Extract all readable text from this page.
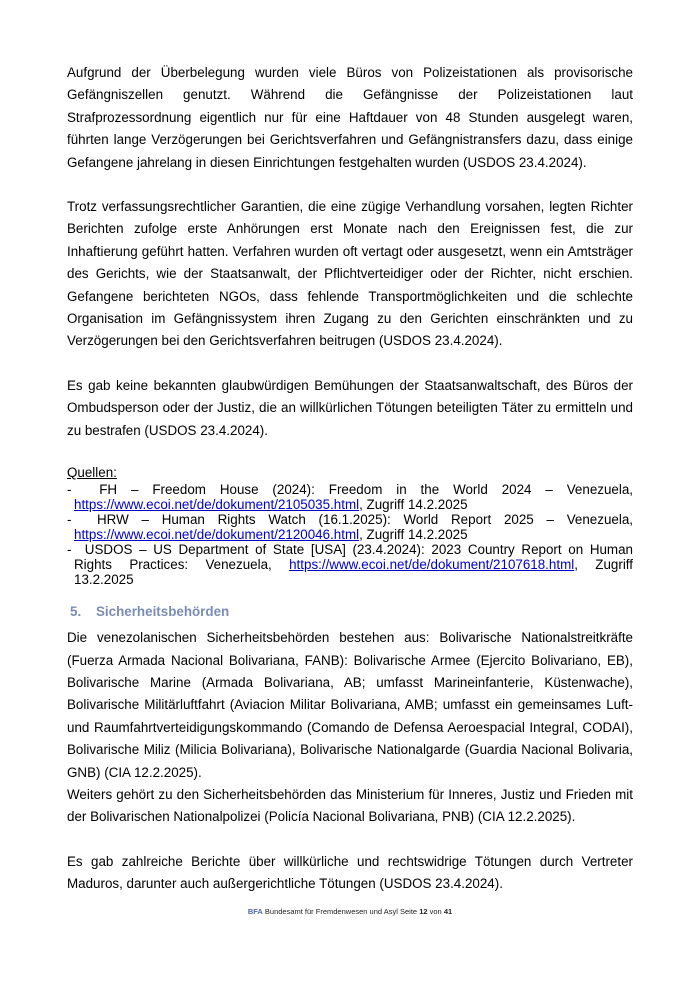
Aufgrund der Überbelegung wurden viele Büros von Polizeistationen als provisorische Gefängniszellen genutzt. Während die Gefängnisse der Polizeistationen laut Strafprozessordnung eigentlich nur für eine Haftdauer von 48 Stunden ausgelegt waren, führten lange Verzögerungen bei Gerichtsverfahren und Gefängnistransfers dazu, dass einige Gefangene jahrelang in diesen Einrichtungen festgehalten wurden (USDOS 23.4.2024).

Trotz verfassungsrechtlicher Garantien, die eine zügige Verhandlung vorsahen, legten Richter Berichten zufolge erste Anhörungen erst Monate nach den Ereignissen fest, die zur Inhaftierung geführt hatten. Verfahren wurden oft vertagt oder ausgesetzt, wenn ein Amtsträger des Gerichts, wie der Staatsanwalt, der Pflichtverteidiger oder der Richter, nicht erschien. Gefangene berichteten NGOs, dass fehlende Transportmöglichkeiten und die schlechte Organisation im Gefängnissystem ihren Zugang zu den Gerichten einschränkten und zu Verzögerungen bei den Gerichtsverfahren beitrugen (USDOS 23.4.2024).

Es gab keine bekannten glaubwürdigen Bemühungen der Staatsanwaltschaft, des Büros der Ombudsperson oder der Justiz, die an willkürlichen Tötungen beteiligten Täter zu ermitteln und zu bestrafen (USDOS 23.4.2024).

Quellen:

-  FH – Freedom House (2024): Freedom in the World 2024 – Venezuela, https://www.ecoi.net/de/dokument/2105035.html, Zugriff 14.2.2025

-  HRW – Human Rights Watch (16.1.2025): World Report 2025 – Venezuela, https://www.ecoi.net/de/dokument/2120046.html, Zugriff 14.2.2025

-  USDOS – US Department of State [USA] (23.4.2024): 2023 Country Report on Human Rights Practices: Venezuela, https://www.ecoi.net/de/dokument/2107618.html, Zugriff 13.2.2025

5. Sicherheitsbehörden

Die venezolanischen Sicherheitsbehörden bestehen aus: Bolivarische Nationalstreitkräfte (Fuerza Armada Nacional Bolivariana, FANB): Bolivarische Armee (Ejercito Bolivariano, EB), Bolivarische Marine (Armada Bolivariana, AB; umfasst Marineinfanterie, Küstenwache), Bolivarische Militärluftfahrt (Aviacion Militar Bolivariana, AMB; umfasst ein gemeinsames Luft- und Raumfahrtverteidigungskommando (Comando de Defensa Aeroespacial Integral, CODAI), Bolivarische Miliz (Milicia Bolivariana), Bolivarische Nationalgarde (Guardia Nacional Bolivaria, GNB) (CIA 12.2.2025).

Weiters gehört zu den Sicherheitsbehörden das Ministerium für Inneres, Justiz und Frieden mit der Bolivarischen Nationalpolizei (Policía Nacional Bolivariana, PNB) (CIA 12.2.2025).

Es gab zahlreiche Berichte über willkürliche und rechtswidrige Tötungen durch Vertreter Maduros, darunter auch außergerichtliche Tötungen (USDOS 23.4.2024).

BFA Bundesamt für Fremdenwesen und Asyl Seite 12 von 41
